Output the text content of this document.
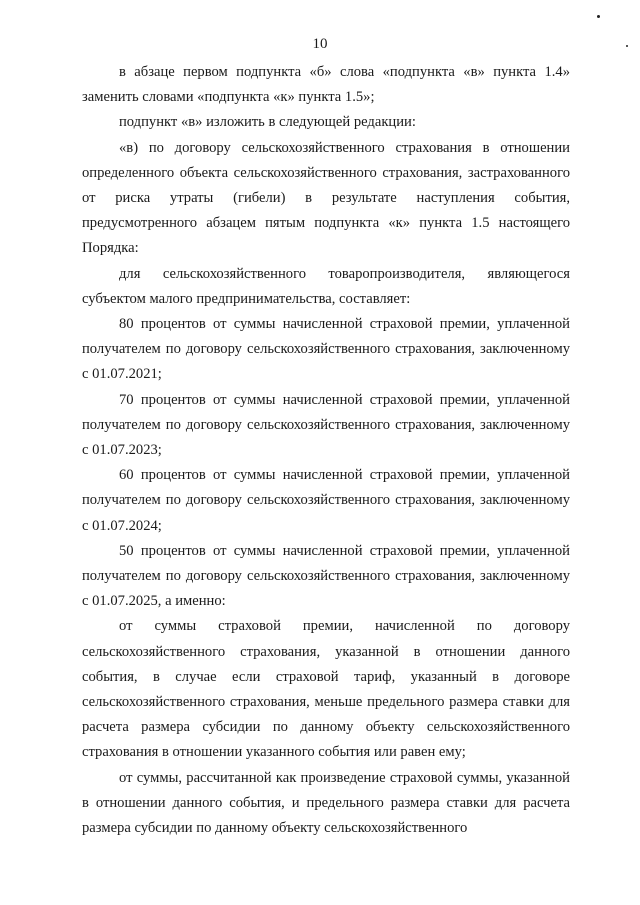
10

в абзаце первом подпункта «б» слова «подпункта «в» пункта 1.4» заменить словами «подпункта «к» пункта 1.5»;

подпункт «в» изложить в следующей редакции:

«в) по договору сельскохозяйственного страхования в отношении определенного объекта сельскохозяйственного страхования, застрахованного от риска утраты (гибели) в результате наступления события, предусмотренного абзацем пятым подпункта «к» пункта 1.5 настоящего Порядка:

для сельскохозяйственного товаропроизводителя, являющегося субъектом малого предпринимательства, составляет:

80 процентов от суммы начисленной страховой премии, уплаченной получателем по договору сельскохозяйственного страхования, заключенному с 01.07.2021;

70 процентов от суммы начисленной страховой премии, уплаченной получателем по договору сельскохозяйственного страхования, заключенному с 01.07.2023;

60 процентов от суммы начисленной страховой премии, уплаченной получателем по договору сельскохозяйственного страхования, заключенному с 01.07.2024;

50 процентов от суммы начисленной страховой премии, уплаченной получателем по договору сельскохозяйственного страхования, заключенному с 01.07.2025, а именно:

от суммы страховой премии, начисленной по договору сельскохозяйственного страхования, указанной в отношении данного события, в случае если страховой тариф, указанный в договоре сельскохозяйственного страхования, меньше предельного размера ставки для расчета размера субсидии по данному объекту сельскохозяйственного страхования в отношении указанного события или равен ему;

от суммы, рассчитанной как произведение страховой суммы, указанной в отношении данного события, и предельного размера ставки для расчета размера субсидии по данному объекту сельскохозяйственного
